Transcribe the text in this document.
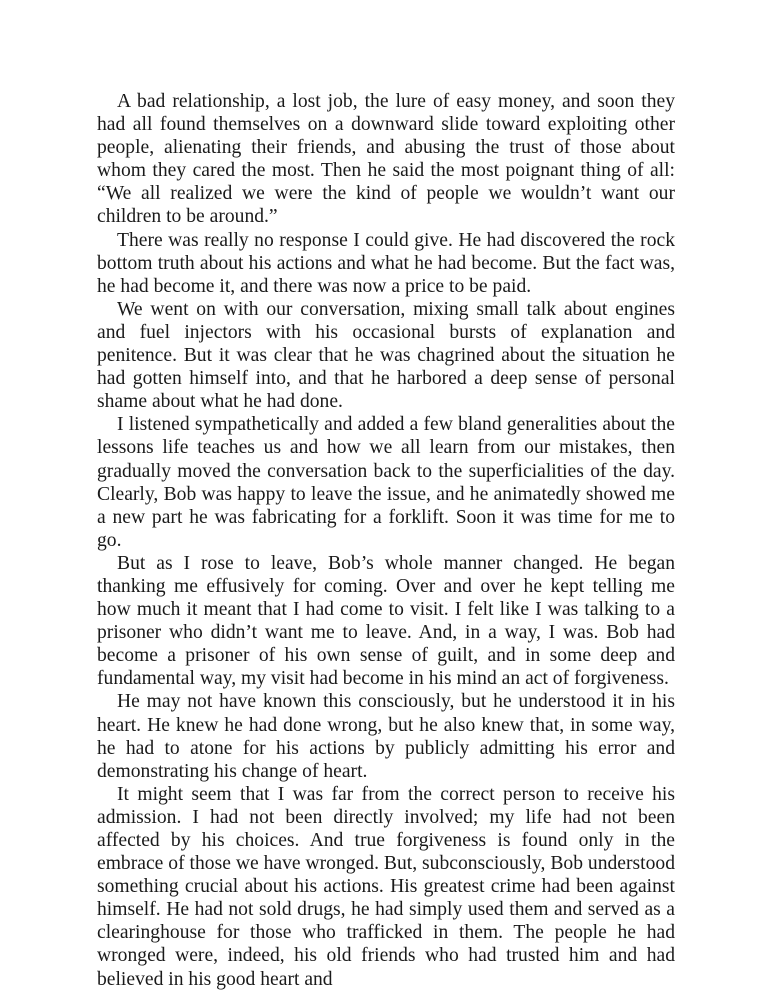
A bad relationship, a lost job, the lure of easy money, and soon they had all found themselves on a downward slide toward exploiting other people, alienating their friends, and abusing the trust of those about whom they cared the most. Then he said the most poignant thing of all: “We all realized we were the kind of people we wouldn’t want our children to be around.”

There was really no response I could give. He had discovered the rock bottom truth about his actions and what he had become. But the fact was, he had become it, and there was now a price to be paid.

We went on with our conversation, mixing small talk about engines and fuel injectors with his occasional bursts of explanation and penitence. But it was clear that he was chagrined about the situation he had gotten himself into, and that he harbored a deep sense of personal shame about what he had done.

I listened sympathetically and added a few bland generalities about the lessons life teaches us and how we all learn from our mistakes, then gradually moved the conversation back to the superficialities of the day. Clearly, Bob was happy to leave the issue, and he animatedly showed me a new part he was fabricating for a forklift. Soon it was time for me to go.

But as I rose to leave, Bob’s whole manner changed. He began thanking me effusively for coming. Over and over he kept telling me how much it meant that I had come to visit. I felt like I was talking to a prisoner who didn’t want me to leave. And, in a way, I was. Bob had become a prisoner of his own sense of guilt, and in some deep and fundamental way, my visit had become in his mind an act of forgiveness.

He may not have known this consciously, but he understood it in his heart. He knew he had done wrong, but he also knew that, in some way, he had to atone for his actions by publicly admitting his error and demonstrating his change of heart.

It might seem that I was far from the correct person to receive his admission. I had not been directly involved; my life had not been affected by his choices. And true forgiveness is found only in the embrace of those we have wronged. But, subconsciously, Bob understood something crucial about his actions. His greatest crime had been against himself. He had not sold drugs, he had simply used them and served as a clearinghouse for those who trafficked in them. The people he had wronged were, indeed, his old friends who had trusted him and had believed in his good heart and
